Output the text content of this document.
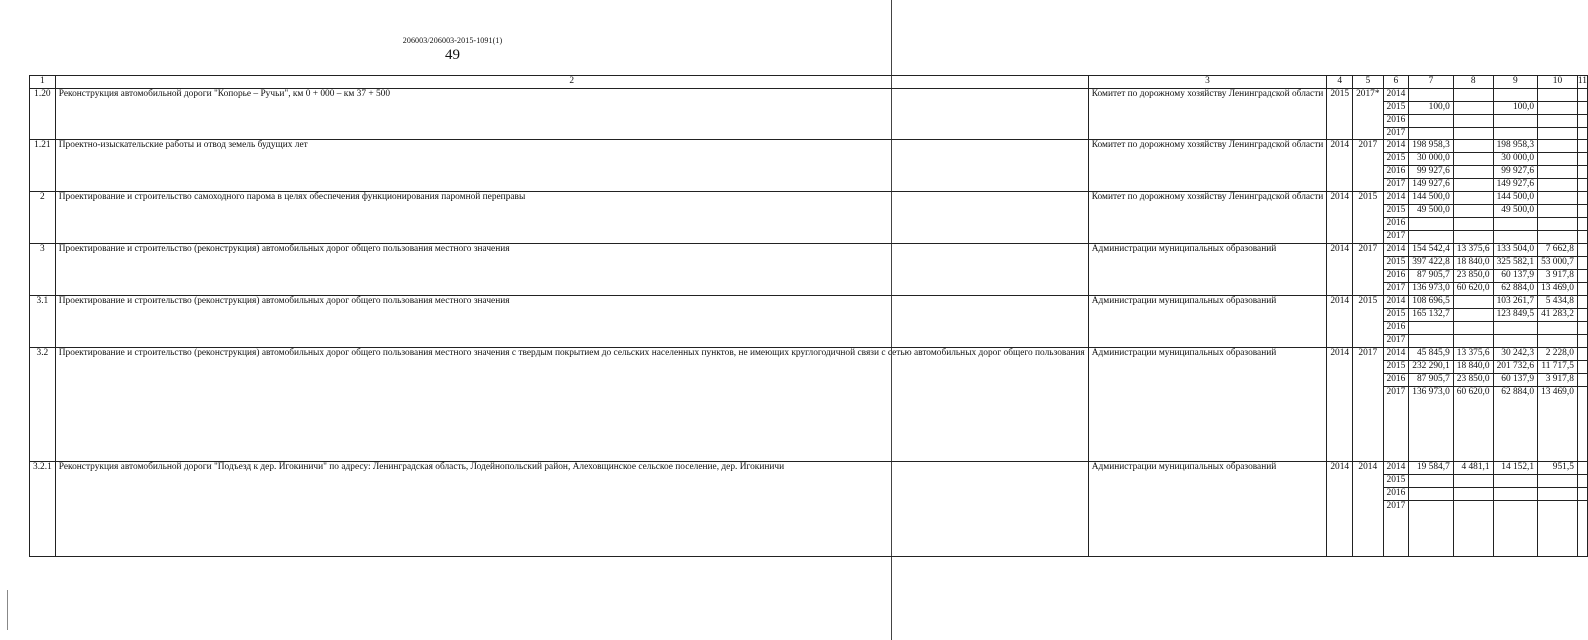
206003/206003-2015-1091(1)
49
1	2	3	4	5	6	7	8	9	10	11
1.20	Реконструкция автомобильной дороги "Копорье – Ручьи", км 0 + 000 – км 37 + 500	Комитет по дорожному хозяйству Ленинградской области	2015	2017*	2014					
					2015	100,0		100,0		
					2016					
					2017					
1.21	Проектно-изыскательские работы и отвод земель будущих лет	Комитет по дорожному хозяйству Ленинградской области	2014	2017	2014	198 958,3		198 958,3		
					2015	30 000,0		30 000,0		
					2016	99 927,6		99 927,6		
					2017	149 927,6		149 927,6		
2	Проектирование и строительство самоходного парома в целях обеспечения функционирования паромной переправы	Комитет по дорожному хозяйству Ленинградской области	2014	2015	2014	144 500,0		144 500,0		
					2015	49 500,0		49 500,0		
					2016					
					2017					
3	Проектирование и строительство (реконструкция) автомобильных дорог общего пользования местного значения	Администрации муниципальных образований	2014	2017	2014	154 542,4	13 375,6	133 504,0	7 662,8	
					2015	397 422,8	18 840,0	325 582,1	53 000,7	
					2016	87 905,7	23 850,0	60 137,9	3 917,8	
					2017	136 973,0	60 620,0	62 884,0	13 469,0	
3.1	Проектирование и строительство (реконструкция) автомобильных дорог общего пользования местного значения	Администрации муниципальных образований	2014	2015	2014	108 696,5		103 261,7	5 434,8	
					2015	165 132,7		123 849,5	41 283,2	
					2016					
					2017					
3.2	Проектирование и строительство (реконструкция) автомобильных дорог общего пользования местного значения с твердым покрытием до сельских населенных пунктов, не имеющих круглогодичной связи с сетью автомобильных дорог общего пользования	Администрации муниципальных образований	2014	2017	2014	45 845,9	13 375,6	30 242,3	2 228,0	
					2015	232 290,1	18 840,0	201 732,6	11 717,5	
					2016	87 905,7	23 850,0	60 137,9	3 917,8	
					2017	136 973,0	60 620,0	62 884,0	13 469,0	
3.2.1	Реконструкция автомобильной дороги "Подъезд к дер. Игокиничи" по адресу: Ленинградская область, Лодейнопольский район, Алеховщинское сельское поселение, дер. Игокиничи	Администрации муниципальных образований	2014	2014	2014	19 584,7	4 481,1	14 152,1	951,5	
					2015					
					2016					
					2017					
